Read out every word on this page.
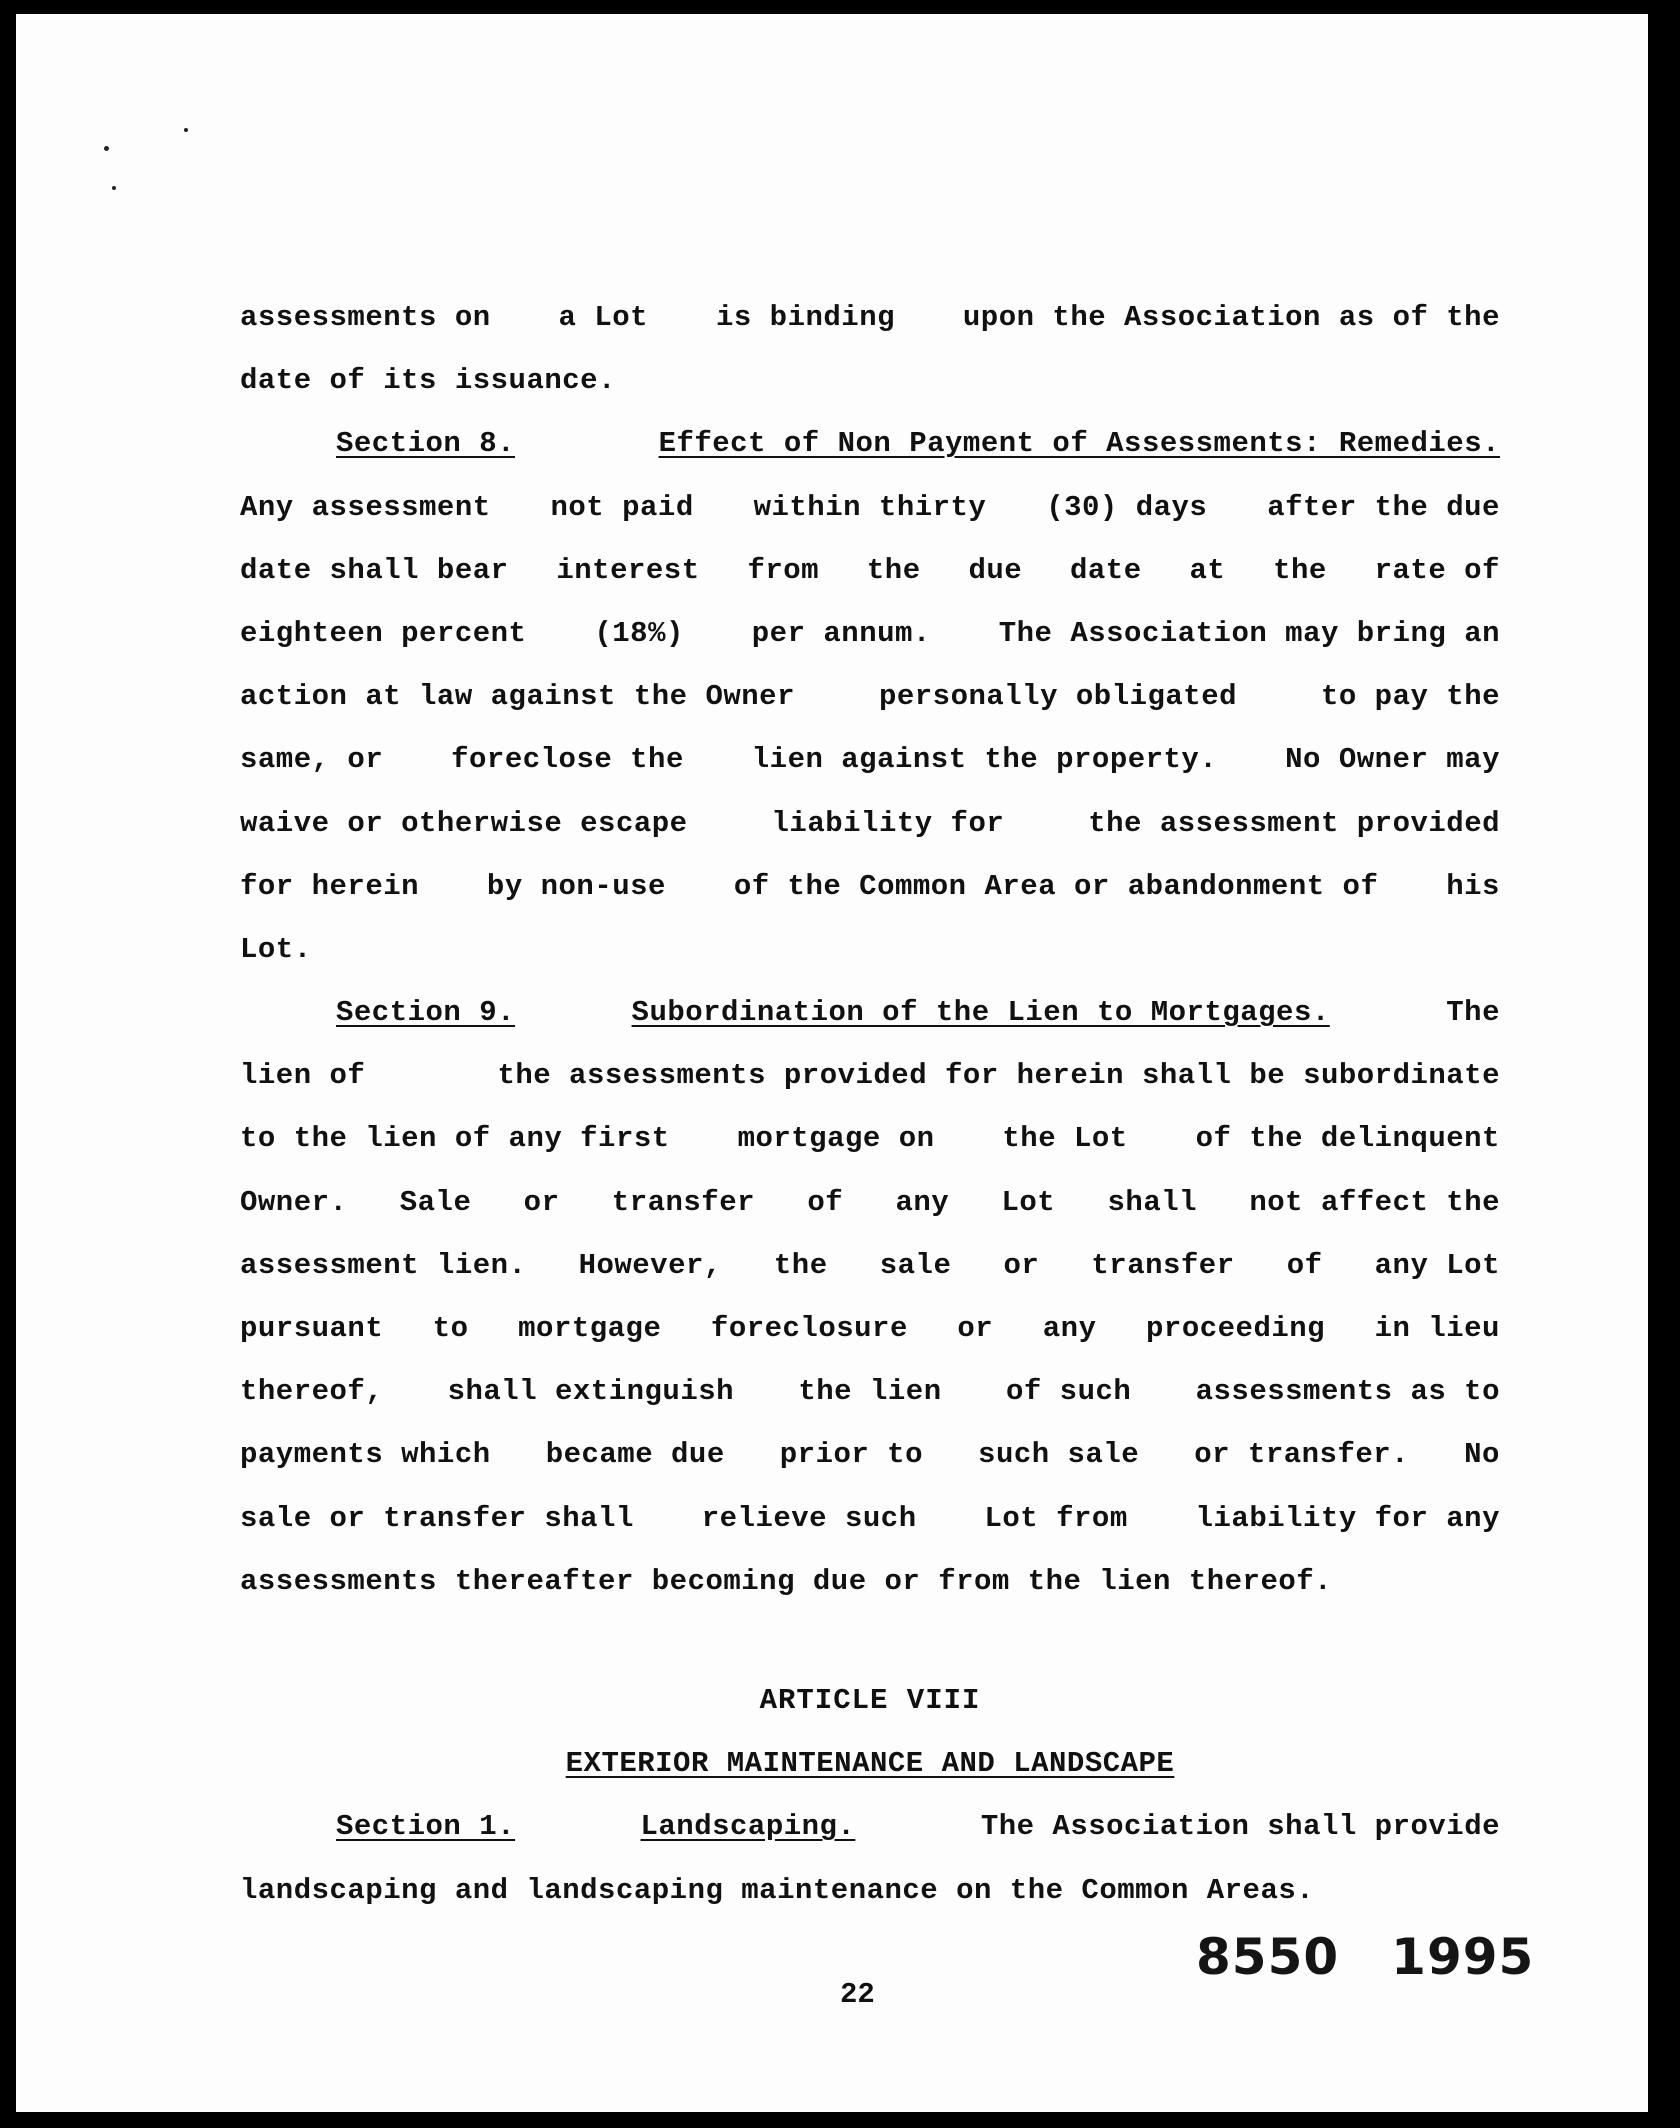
assessments on a Lot is binding upon the Association as of the
date of its issuance.
Section 8.	Effect of Non Payment of Assessments: Remedies.
Any assessment not paid within thirty (30) days after the due
date shall bear interest from the due date at the rate of
eighteen percent (18%) per annum. The Association may bring an
action at law against the Owner	personally obligated	to pay the
same, or foreclose the lien against the property. No Owner may
waive or otherwise escape	liability for	the assessment provided
for herein by non-use of the Common Area or abandonment of his
Lot.
Section 9.	Subordination of the Lien to Mortgages.	The
lien of	the assessments provided for herein shall be subordinate
to the lien of any first mortgage on the Lot of the delinquent
Owner. Sale or transfer of any Lot shall not affect the
assessment lien. However, the sale or transfer of any Lot
pursuant to mortgage foreclosure or any proceeding in lieu
thereof, shall extinguish the lien of such assessments as to
payments which became due prior to such sale or transfer. No
sale or transfer shall relieve such Lot from liability for any
assessments thereafter becoming due or from the lien thereof.
ARTICLE VIII
EXTERIOR MAINTENANCE AND LANDSCAPE
Section 1.	Landscaping.	The Association shall provide
landscaping and landscaping maintenance on the Common Areas.
8550 1995
22
